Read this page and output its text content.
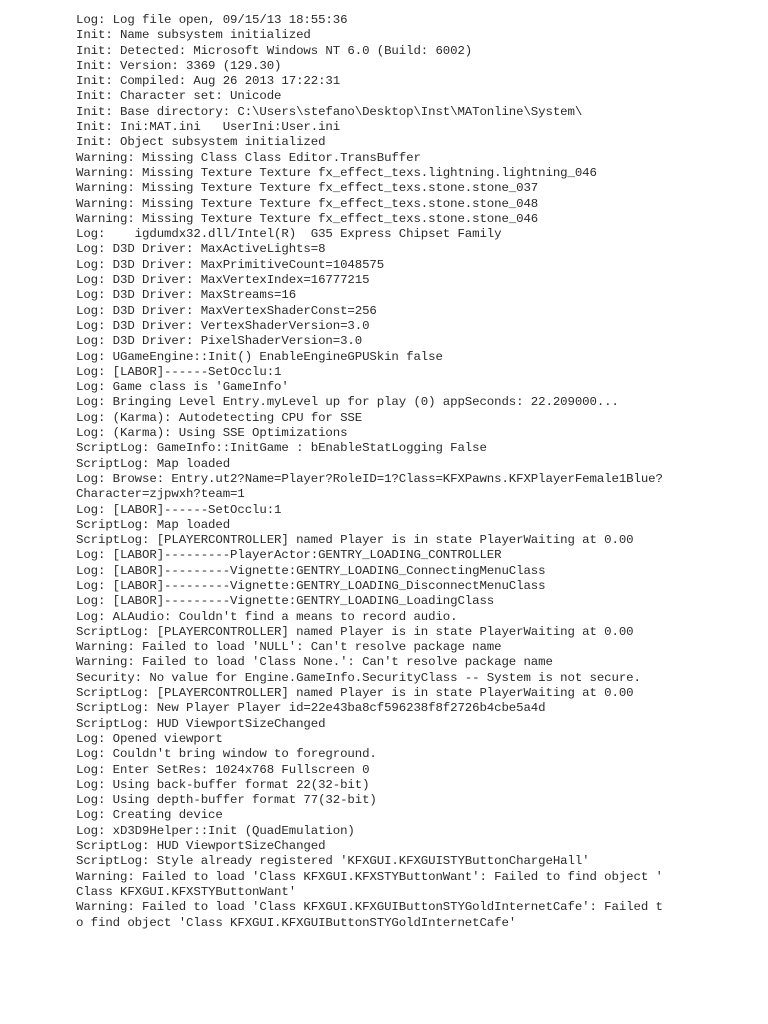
Log: Log file open, 09/15/13 18:55:36
Init: Name subsystem initialized
Init: Detected: Microsoft Windows NT 6.0 (Build: 6002)
Init: Version: 3369 (129.30)
Init: Compiled: Aug 26 2013 17:22:31
Init: Character set: Unicode
Init: Base directory: C:\Users\stefano\Desktop\Inst\MATonline\System\
Init: Ini:MAT.ini   UserIni:User.ini
Init: Object subsystem initialized
Warning: Missing Class Class Editor.TransBuffer
Warning: Missing Texture Texture fx_effect_texs.lightning.lightning_046
Warning: Missing Texture Texture fx_effect_texs.stone.stone_037
Warning: Missing Texture Texture fx_effect_texs.stone.stone_048
Warning: Missing Texture Texture fx_effect_texs.stone.stone_046
Log:    igdumdx32.dll/Intel(R)  G35 Express Chipset Family
Log: D3D Driver: MaxActiveLights=8
Log: D3D Driver: MaxPrimitiveCount=1048575
Log: D3D Driver: MaxVertexIndex=16777215
Log: D3D Driver: MaxStreams=16
Log: D3D Driver: MaxVertexShaderConst=256
Log: D3D Driver: VertexShaderVersion=3.0
Log: D3D Driver: PixelShaderVersion=3.0
Log: UGameEngine::Init() EnableEngineGPUSkin false
Log: [LABOR]------SetOcclu:1
Log: Game class is 'GameInfo'
Log: Bringing Level Entry.myLevel up for play (0) appSeconds: 22.209000...
Log: (Karma): Autodetecting CPU for SSE
Log: (Karma): Using SSE Optimizations
ScriptLog: GameInfo::InitGame : bEnableStatLogging False
ScriptLog: Map loaded
Log: Browse: Entry.ut2?Name=Player?RoleID=1?Class=KFXPawns.KFXPlayerFemale1Blue?
Character=zjpwxh?team=1
Log: [LABOR]------SetOcclu:1
ScriptLog: Map loaded
ScriptLog: [PLAYERCONTROLLER] named Player is in state PlayerWaiting at 0.00
Log: [LABOR]---------PlayerActor:GENTRY_LOADING_CONTROLLER
Log: [LABOR]---------Vignette:GENTRY_LOADING_ConnectingMenuClass
Log: [LABOR]---------Vignette:GENTRY_LOADING_DisconnectMenuClass
Log: [LABOR]---------Vignette:GENTRY_LOADING_LoadingClass
Log: ALAudio: Couldn't find a means to record audio.
ScriptLog: [PLAYERCONTROLLER] named Player is in state PlayerWaiting at 0.00
Warning: Failed to load 'NULL': Can't resolve package name
Warning: Failed to load 'Class None.': Can't resolve package name
Security: No value for Engine.GameInfo.SecurityClass -- System is not secure.
ScriptLog: [PLAYERCONTROLLER] named Player is in state PlayerWaiting at 0.00
ScriptLog: New Player Player id=22e43ba8cf596238f8f2726b4cbe5a4d
ScriptLog: HUD ViewportSizeChanged
Log: Opened viewport
Log: Couldn't bring window to foreground.
Log: Enter SetRes: 1024x768 Fullscreen 0
Log: Using back-buffer format 22(32-bit)
Log: Using depth-buffer format 77(32-bit)
Log: Creating device
Log: xD3D9Helper::Init (QuadEmulation)
ScriptLog: HUD ViewportSizeChanged
ScriptLog: Style already registered 'KFXGUI.KFXGUISTYButtonChargeHall'
Warning: Failed to load 'Class KFXGUI.KFXSTYButtonWant': Failed to find object '
Class KFXGUI.KFXSTYButtonWant'
Warning: Failed to load 'Class KFXGUI.KFXGUIButtonSTYGoldInternetCafe': Failed t
o find object 'Class KFXGUI.KFXGUIButtonSTYGoldInternetCafe'
